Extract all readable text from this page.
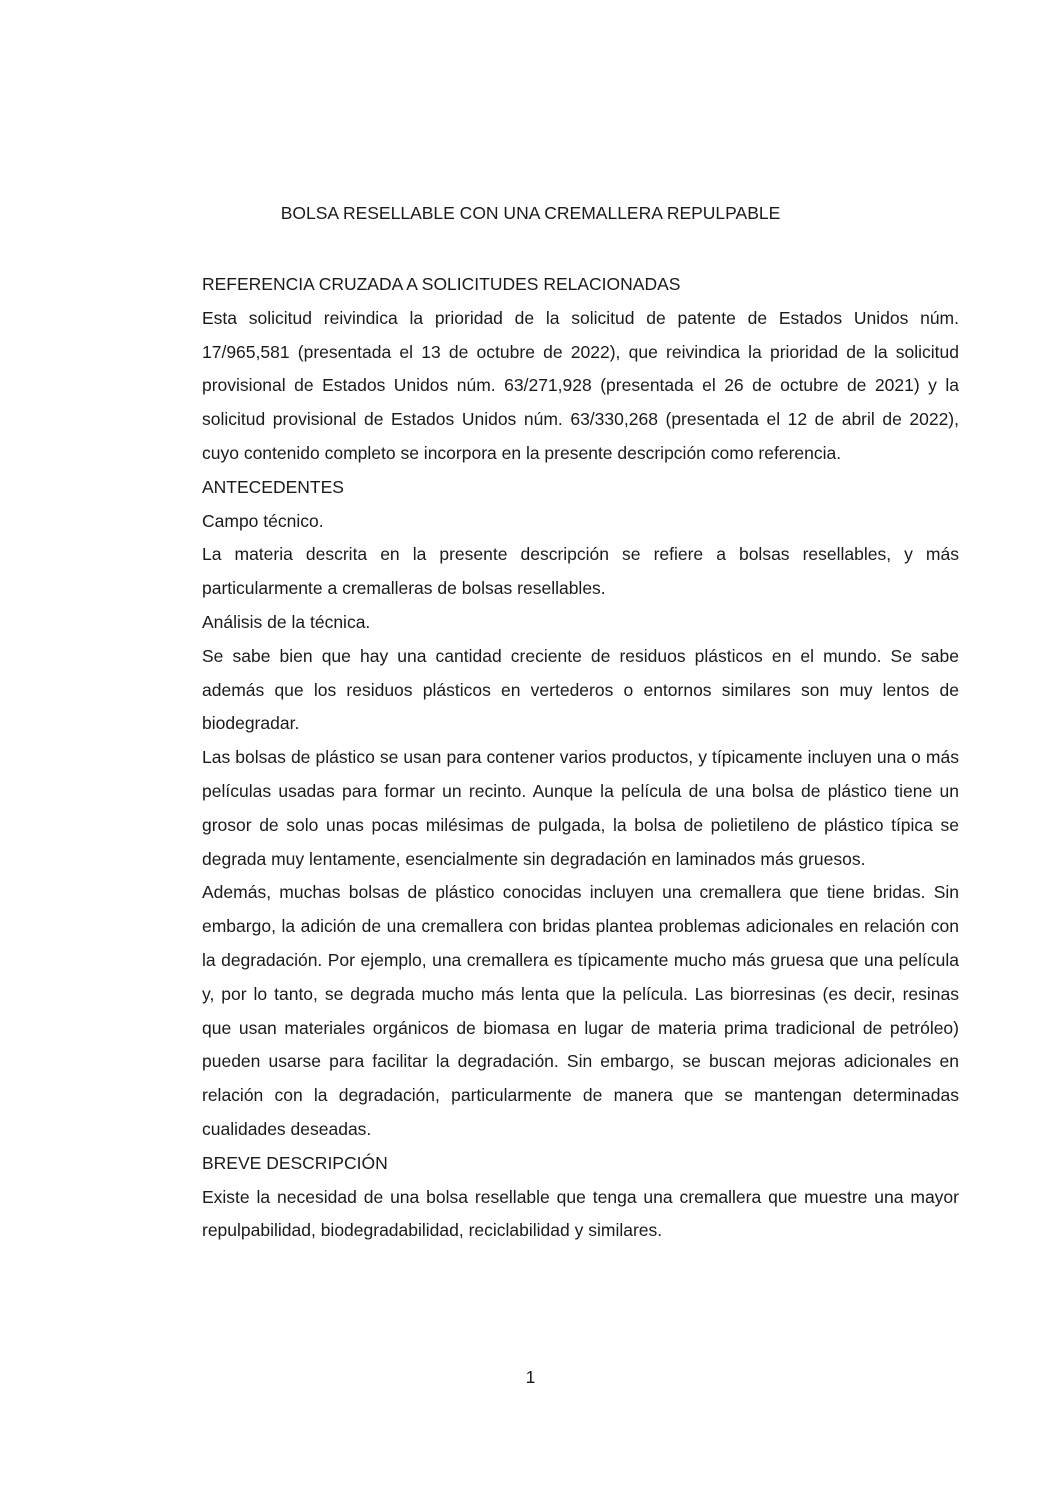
BOLSA RESELLABLE CON UNA CREMALLERA REPULPABLE

REFERENCIA CRUZADA A SOLICITUDES RELACIONADAS

Esta solicitud reivindica la prioridad de la solicitud de patente de Estados Unidos núm. 17/965,581 (presentada el 13 de octubre de 2022), que reivindica la prioridad de la solicitud provisional de Estados Unidos núm. 63/271,928 (presentada el 26 de octubre de 2021) y la solicitud provisional de Estados Unidos núm. 63/330,268 (presentada el 12 de abril de 2022), cuyo contenido completo se incorpora en la presente descripción como referencia.

ANTECEDENTES

Campo técnico.

La materia descrita en la presente descripción se refiere a bolsas resellables, y más particularmente a cremalleras de bolsas resellables.

Análisis de la técnica.

Se sabe bien que hay una cantidad creciente de residuos plásticos en el mundo. Se sabe además que los residuos plásticos en vertederos o entornos similares son muy lentos de biodegradar.

Las bolsas de plástico se usan para contener varios productos, y típicamente incluyen una o más películas usadas para formar un recinto. Aunque la película de una bolsa de plástico tiene un grosor de solo unas pocas milésimas de pulgada, la bolsa de polietileno de plástico típica se degrada muy lentamente, esencialmente sin degradación en laminados más gruesos.

Además, muchas bolsas de plástico conocidas incluyen una cremallera que tiene bridas. Sin embargo, la adición de una cremallera con bridas plantea problemas adicionales en relación con la degradación. Por ejemplo, una cremallera es típicamente mucho más gruesa que una película y, por lo tanto, se degrada mucho más lenta que la película. Las biorresinas (es decir, resinas que usan materiales orgánicos de biomasa en lugar de materia prima tradicional de petróleo) pueden usarse para facilitar la degradación. Sin embargo, se buscan mejoras adicionales en relación con la degradación, particularmente de manera que se mantengan determinadas cualidades deseadas.

BREVE DESCRIPCIÓN

Existe la necesidad de una bolsa resellable que tenga una cremallera que muestre una mayor repulpabilidad, biodegradabilidad, reciclabilidad y similares.

1
